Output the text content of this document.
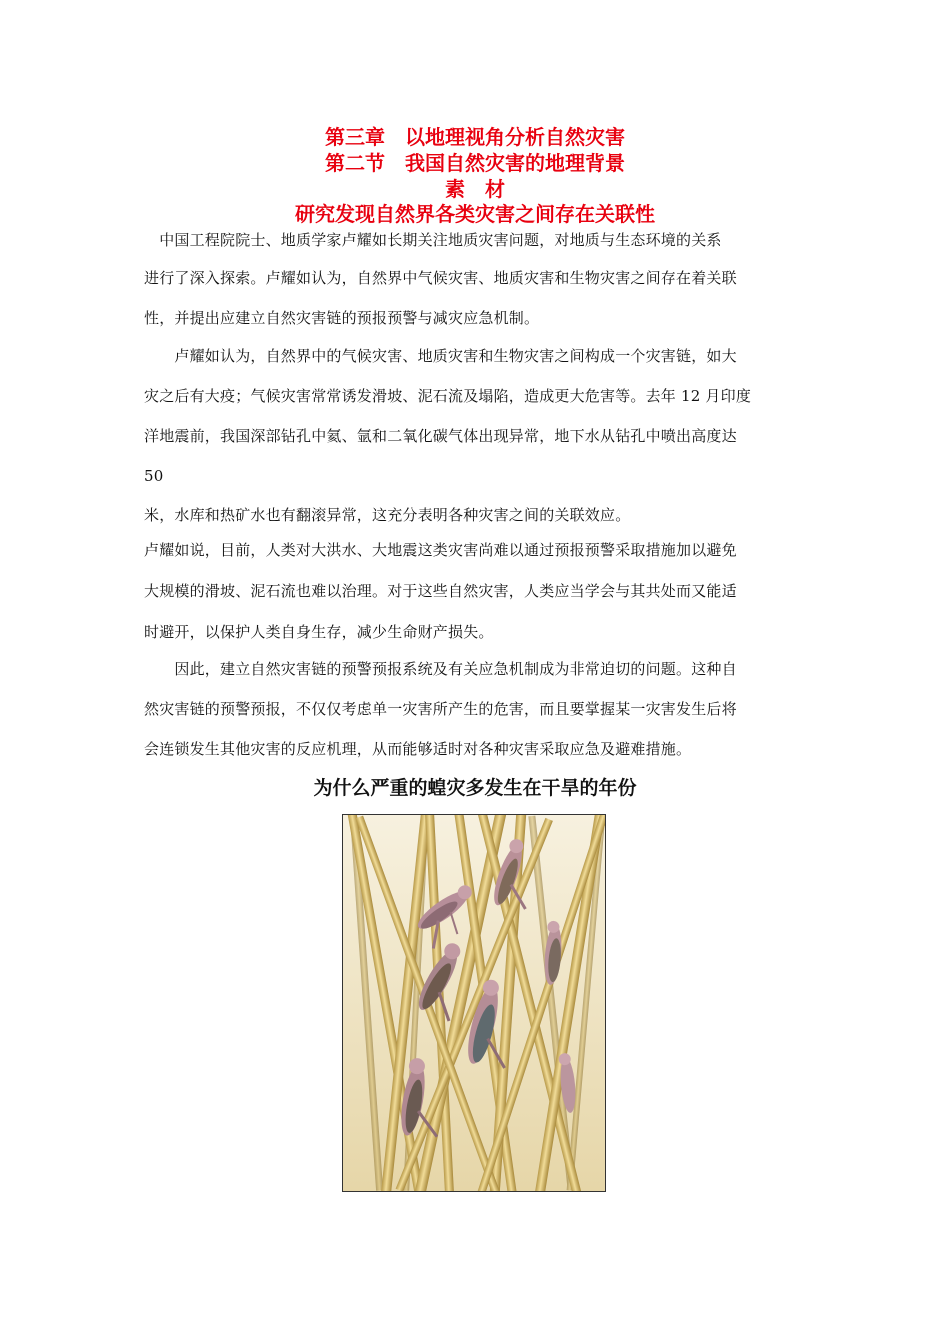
第三章　以地理视角分析自然灾害
第二节　我国自然灾害的地理背景
素　材
研究发现自然界各类灾害之间存在关联性
　中国工程院院士、地质学家卢耀如长期关注地质灾害问题，对地质与生态环境的关系
进行了深入探索。卢耀如认为，自然界中气候灾害、地质灾害和生物灾害之间存在着关联
性，并提出应建立自然灾害链的预报预警与减灾应急机制。
　　卢耀如认为，自然界中的气候灾害、地质灾害和生物灾害之间构成一个灾害链，如大
灾之后有大疫；气候灾害常常诱发滑坡、泥石流及塌陷，造成更大危害等。去年 12 月印度
洋地震前，我国深部钻孔中氦、氩和二氧化碳气体出现异常，地下水从钻孔中喷出高度达
50
米，水库和热矿水也有翻滚异常，这充分表明各种灾害之间的关联效应。
卢耀如说，目前，人类对大洪水、大地震这类灾害尚难以通过预报预警采取措施加以避免
大规模的滑坡、泥石流也难以治理。对于这些自然灾害，人类应当学会与其共处而又能适
时避开，以保护人类自身生存，减少生命财产损失。
　　因此，建立自然灾害链的预警预报系统及有关应急机制成为非常迫切的问题。这种自
然灾害链的预警预报，不仅仅考虑单一灾害所产生的危害，而且要掌握某一灾害发生后将
会连锁发生其他灾害的反应机理，从而能够适时对各种灾害采取应急及避难措施。
为什么严重的蝗灾多发生在干旱的年份
